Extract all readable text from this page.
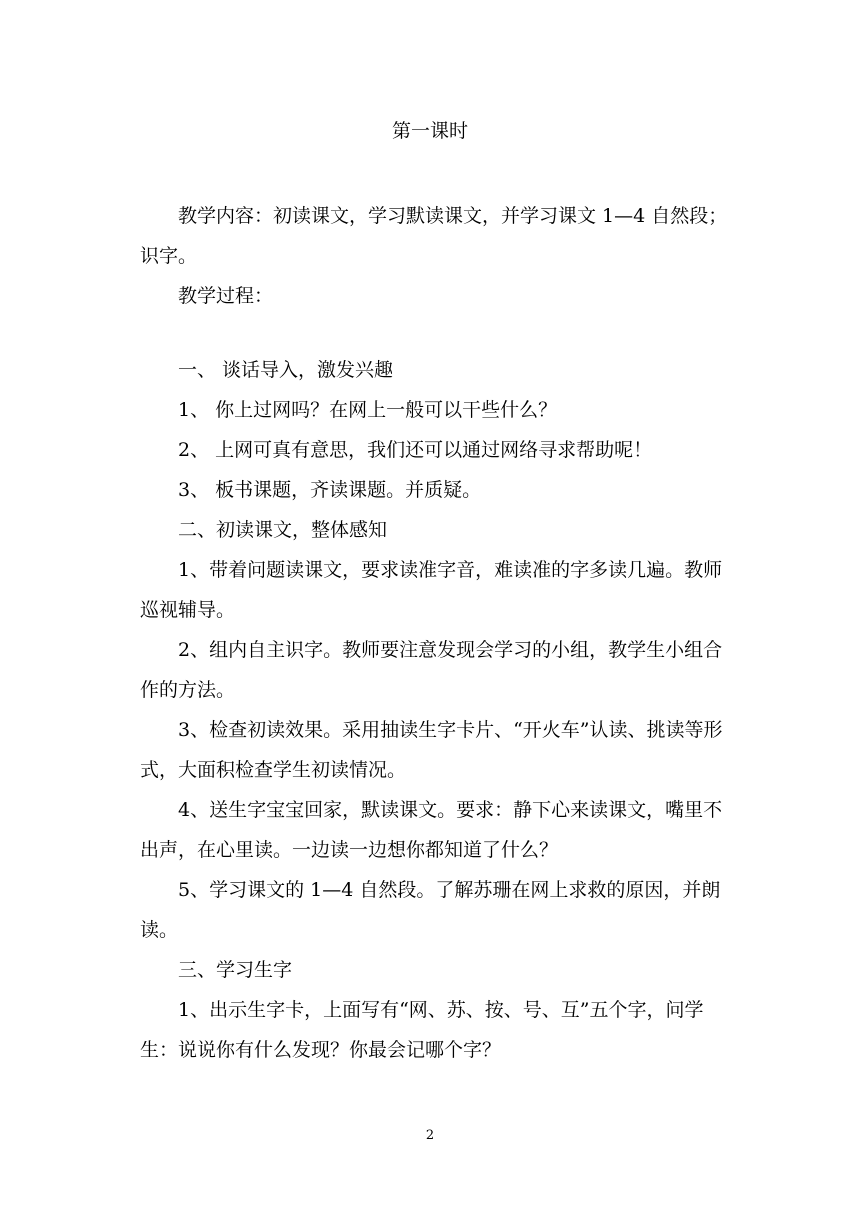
第一课时

教学内容：初读课文，学习默读课文，并学习课文 1—4 自然段；识字。

教学过程：

一、 谈话导入，激发兴趣

1、 你上过网吗？在网上一般可以干些什么？

2、 上网可真有意思，我们还可以通过网络寻求帮助呢！

3、 板书课题，齐读课题。并质疑。

二、初读课文，整体感知

1、带着问题读课文，要求读准字音，难读准的字多读几遍。教师巡视辅导。

2、组内自主识字。教师要注意发现会学习的小组，教学生小组合作的方法。

3、检查初读效果。采用抽读生字卡片、“开火车”认读、挑读等形式，大面积检查学生初读情况。

4、送生字宝宝回家，默读课文。要求：静下心来读课文，嘴里不出声，在心里读。一边读一边想你都知道了什么？

5、学习课文的 1—4 自然段。了解苏珊在网上求救的原因，并朗读。

三、学习生字

1、出示生字卡，上面写有“网、苏、按、号、互”五个字，问学生：说说你有什么发现？你最会记哪个字？

2
